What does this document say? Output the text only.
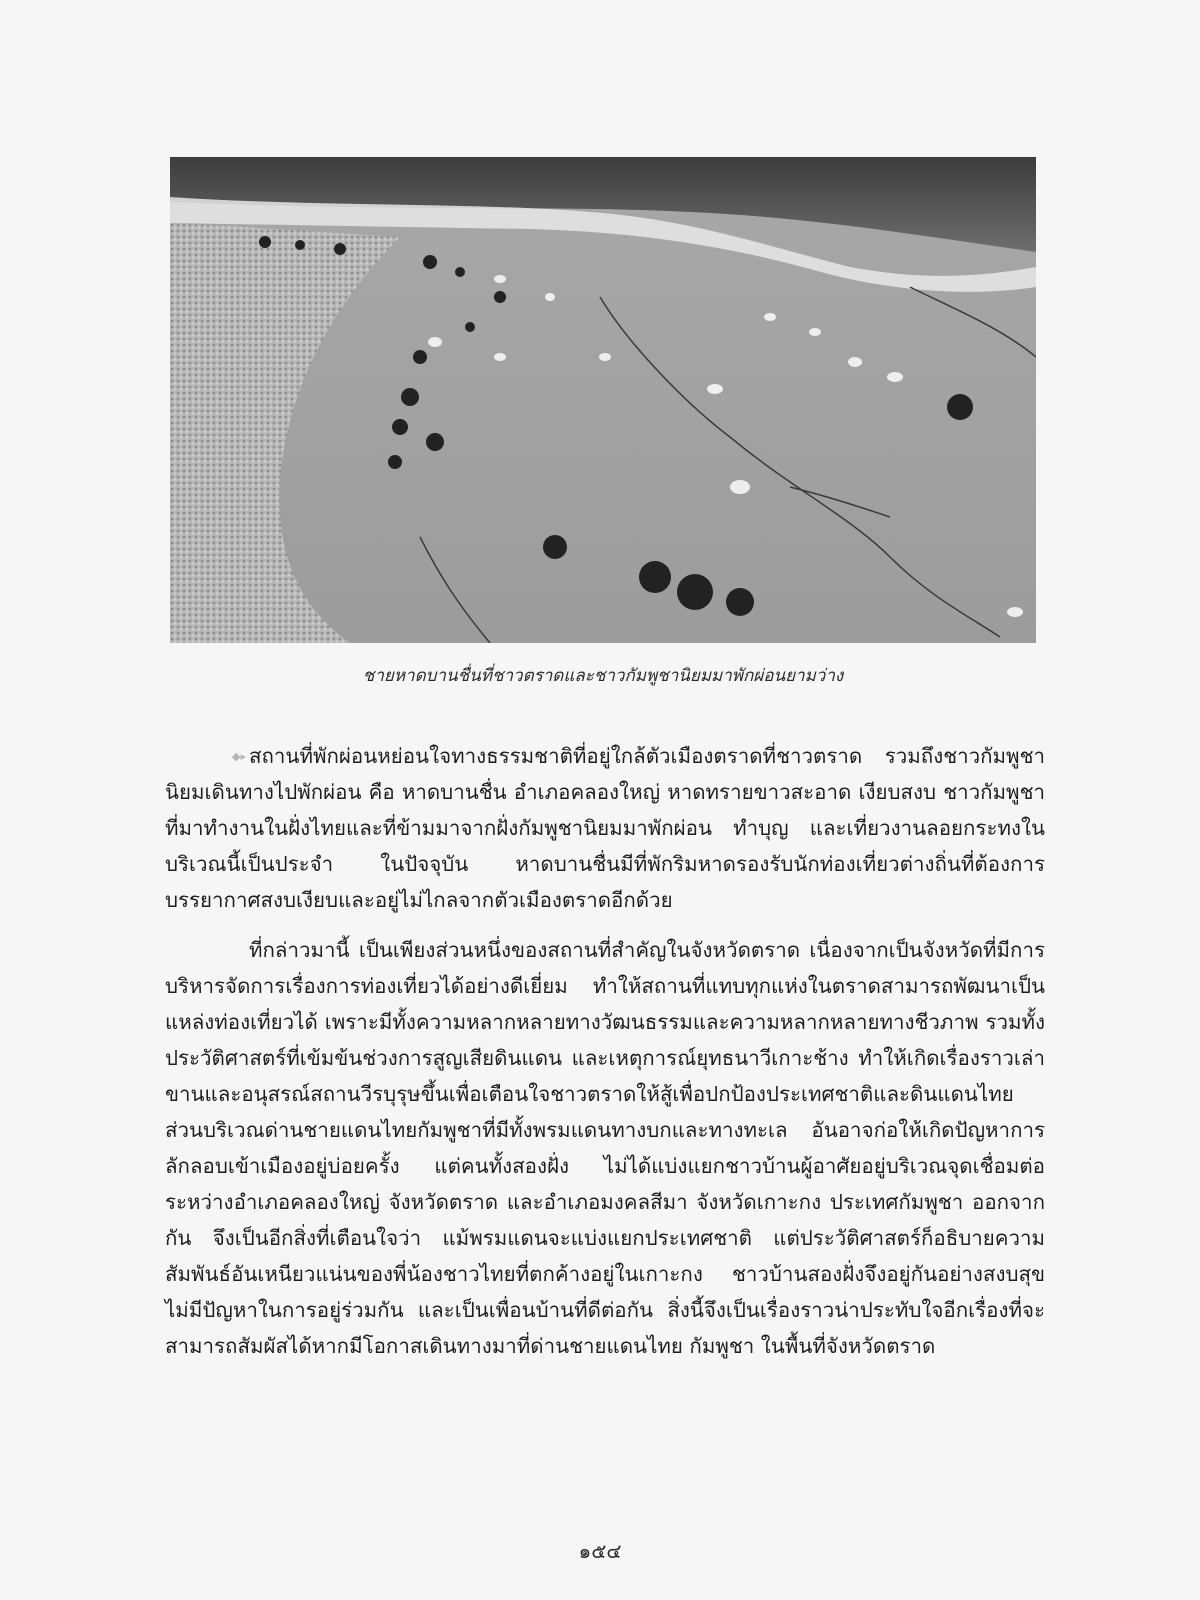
ชายหาดบานชื่นที่ชาวตราดและชาวกัมพูชานิยมมาพักผ่อนยามว่าง

◆▸ สถานที่พักผ่อนหย่อนใจทางธรรมชาติที่อยู่ใกล้ตัวเมืองตราดที่ชาวตราด รวมถึงชาวกัมพูชานิยมเดินทางไปพักผ่อน คือ หาดบานชื่น อำเภอคลองใหญ่ หาดทรายขาวสะอาด เงียบสงบ ชาวกัมพูชาที่มาทำงานในฝั่งไทยและที่ข้ามมาจากฝั่งกัมพูชานิยมมาพักผ่อน ทำบุญ และเที่ยวงานลอยกระทงในบริเวณนี้เป็นประจำ ในปัจจุบัน หาดบานชื่นมีที่พักริมหาดรองรับนักท่องเที่ยวต่างถิ่นที่ต้องการบรรยากาศสงบเงียบและอยู่ไม่ไกลจากตัวเมืองตราดอีกด้วย

ที่กล่าวมานี้ เป็นเพียงส่วนหนึ่งของสถานที่สำคัญในจังหวัดตราด เนื่องจากเป็นจังหวัดที่มีการบริหารจัดการเรื่องการท่องเที่ยวได้อย่างดีเยี่ยม ทำให้สถานที่แทบทุกแห่งในตราดสามารถพัฒนาเป็นแหล่งท่องเที่ยวได้ เพราะมีทั้งความหลากหลายทางวัฒนธรรมและความหลากหลายทางชีวภาพ รวมทั้งประวัติศาสตร์ที่เข้มข้นช่วงการสูญเสียดินแดน และเหตุการณ์ยุทธนาวีเกาะช้าง ทำให้เกิดเรื่องราวเล่าขานและอนุสรณ์สถานวีรบุรุษขึ้นเพื่อเตือนใจชาวตราดให้สู้เพื่อปกป้องประเทศชาติและดินแดนไทย ส่วนบริเวณด่านชายแดนไทยกัมพูชาที่มีทั้งพรมแดนทางบกและทางทะเล อันอาจก่อให้เกิดปัญหาการลักลอบเข้าเมืองอยู่บ่อยครั้ง แต่คนทั้งสองฝั่ง ไม่ได้แบ่งแยกชาวบ้านผู้อาศัยอยู่บริเวณจุดเชื่อมต่อระหว่างอำเภอคลองใหญ่ จังหวัดตราด และอำเภอมงคลสีมา จังหวัดเกาะกง ประเทศกัมพูชา ออกจากกัน จึงเป็นอีกสิ่งที่เตือนใจว่า แม้พรมแดนจะแบ่งแยกประเทศชาติ แต่ประวัติศาสตร์ก็อธิบายความสัมพันธ์อันเหนียวแน่นของพี่น้องชาวไทยที่ตกค้างอยู่ในเกาะกง ชาวบ้านสองฝั่งจึงอยู่กันอย่างสงบสุข ไม่มีปัญหาในการอยู่ร่วมกัน และเป็นเพื่อนบ้านที่ดีต่อกัน สิ่งนี้จึงเป็นเรื่องราวน่าประทับใจอีกเรื่องที่จะสามารถสัมผัสได้หากมีโอกาสเดินทางมาที่ด่านชายแดนไทย กัมพูชา ในพื้นที่จังหวัดตราด

๑๕๔
